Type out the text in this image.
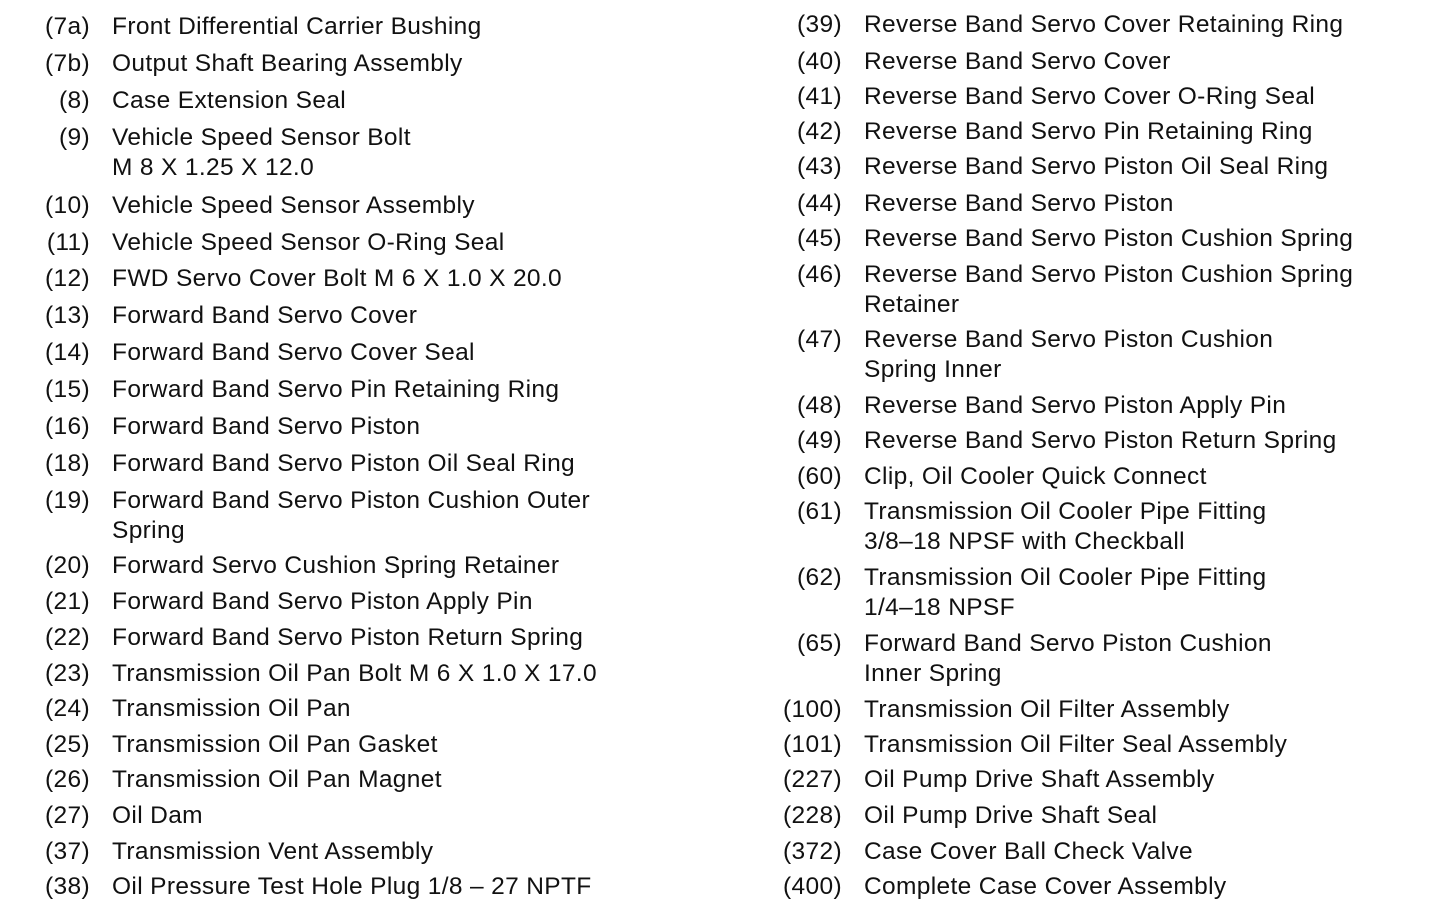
(7a) Front Differential Carrier Bushing
(7b) Output Shaft Bearing Assembly
(8) Case Extension Seal
(9) Vehicle Speed Sensor Bolt
M 8 X 1.25 X 12.0
(10) Vehicle Speed Sensor Assembly
(11) Vehicle Speed Sensor O-Ring Seal
(12) FWD Servo Cover Bolt M 6 X 1.0 X 20.0
(13) Forward Band Servo Cover
(14) Forward Band Servo Cover Seal
(15) Forward Band Servo Pin Retaining Ring
(16) Forward Band Servo Piston
(18) Forward Band Servo Piston Oil Seal Ring
(19) Forward Band Servo Piston Cushion Outer
Spring
(20) Forward Servo Cushion Spring Retainer
(21) Forward Band Servo Piston Apply Pin
(22) Forward Band Servo Piston Return Spring
(23) Transmission Oil Pan Bolt M 6 X 1.0 X 17.0
(24) Transmission Oil Pan
(25) Transmission Oil Pan Gasket
(26) Transmission Oil Pan Magnet
(27) Oil Dam
(37) Transmission Vent Assembly
(38) Oil Pressure Test Hole Plug 1/8 – 27 NPTF
(39) Reverse Band Servo Cover Retaining Ring
(40) Reverse Band Servo Cover
(41) Reverse Band Servo Cover O-Ring Seal
(42) Reverse Band Servo Pin Retaining Ring
(43) Reverse Band Servo Piston Oil Seal Ring
(44) Reverse Band Servo Piston
(45) Reverse Band Servo Piston Cushion Spring
(46) Reverse Band Servo Piston Cushion Spring
Retainer
(47) Reverse Band Servo Piston Cushion
Spring Inner
(48) Reverse Band Servo Piston Apply Pin
(49) Reverse Band Servo Piston Return Spring
(60) Clip, Oil Cooler Quick Connect
(61) Transmission Oil Cooler Pipe Fitting
3/8–18 NPSF with Checkball
(62) Transmission Oil Cooler Pipe Fitting
1/4–18 NPSF
(65) Forward Band Servo Piston Cushion
Inner Spring
(100) Transmission Oil Filter Assembly
(101) Transmission Oil Filter Seal Assembly
(227) Oil Pump Drive Shaft Assembly
(228) Oil Pump Drive Shaft Seal
(372) Case Cover Ball Check Valve
(400) Complete Case Cover Assembly
